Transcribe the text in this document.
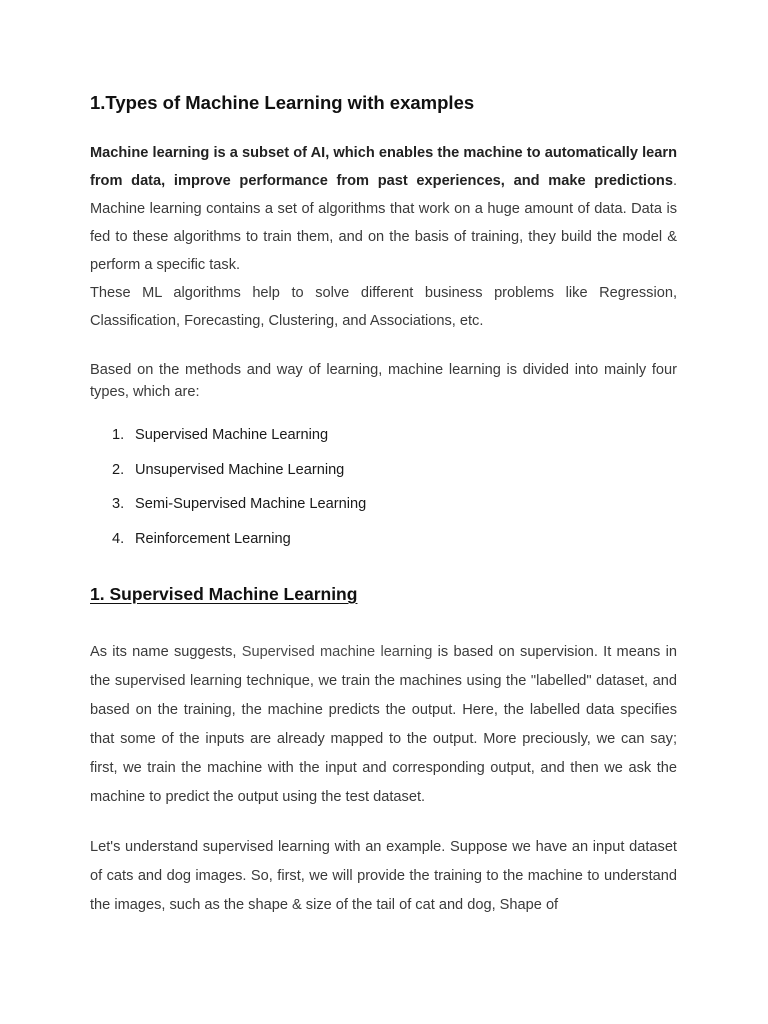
1.Types of Machine Learning with examples

Machine learning is a subset of AI, which enables the machine to automatically learn from data, improve performance from past experiences, and make predictions. Machine learning contains a set of algorithms that work on a huge amount of data. Data is fed to these algorithms to train them, and on the basis of training, they build the model & perform a specific task.
These ML algorithms help to solve different business problems like Regression, Classification, Forecasting, Clustering, and Associations, etc.

Based on the methods and way of learning, machine learning is divided into mainly four types, which are:

1. Supervised Machine Learning
2. Unsupervised Machine Learning
3. Semi-Supervised Machine Learning
4. Reinforcement Learning
1. Supervised Machine Learning

As its name suggests, Supervised machine learning is based on supervision. It means in the supervised learning technique, we train the machines using the "labelled" dataset, and based on the training, the machine predicts the output. Here, the labelled data specifies that some of the inputs are already mapped to the output. More preciously, we can say; first, we train the machine with the input and corresponding output, and then we ask the machine to predict the output using the test dataset.

Let's understand supervised learning with an example. Suppose we have an input dataset of cats and dog images. So, first, we will provide the training to the machine to understand the images, such as the shape & size of the tail of cat and dog, Shape of
